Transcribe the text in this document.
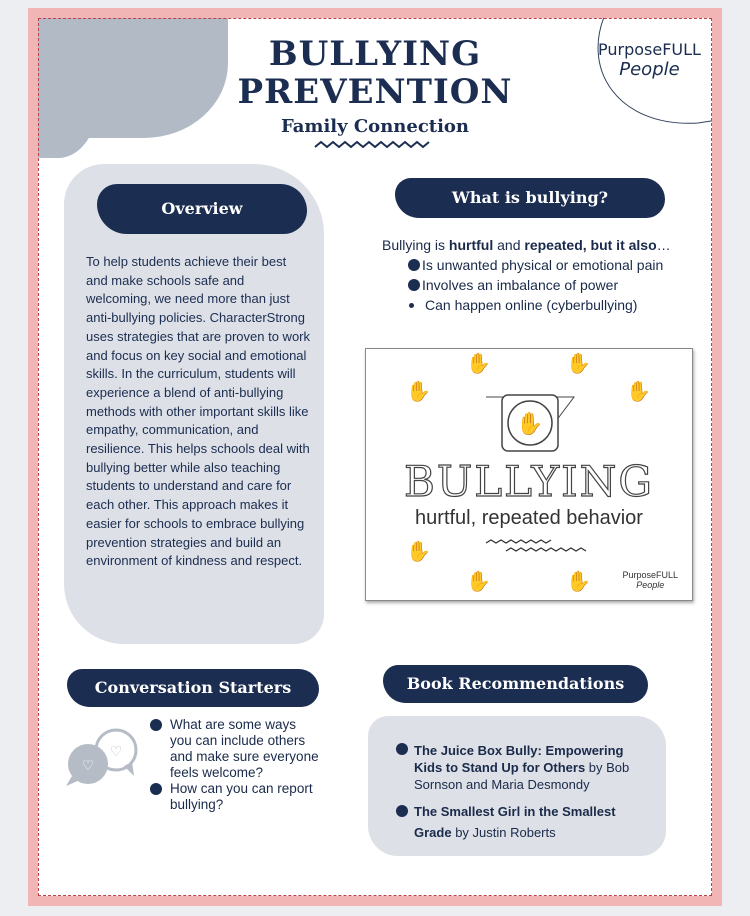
BULLYING
PREVENTION
Family Connection
PurposeFULL
People
Overview
To help students achieve their best and make schools safe and welcoming, we need more than just anti-bullying policies. CharacterStrong uses strategies that are proven to work and focus on key social and emotional skills. In the curriculum, students will experience a blend of anti-bullying methods with other important skills like empathy, communication, and resilience. This helps schools deal with bullying better while also teaching students to understand and care for each other. This approach makes it easier for schools to embrace bullying prevention strategies and build an environment of kindness and respect.
What is bullying?
Bullying is hurtful and repeated, but it also…
Is unwanted physical or emotional pain
Involves an imbalance of power
Can happen online (cyberbullying)
✋
✋	✋
✋
✋
✋	✋
✋
BULLYING
hurtful, repeated behavior
PurposeFULL
People
Conversation Starters
♡
♡
What are some ways you can include others and make sure everyone feels welcome?
How can you can report bullying?
Book Recommendations
The Juice Box Bully: Empowering Kids to Stand Up for Others by Bob Sornson and Maria Desmondy
The Smallest Girl in the Smallest Grade by Justin Roberts
